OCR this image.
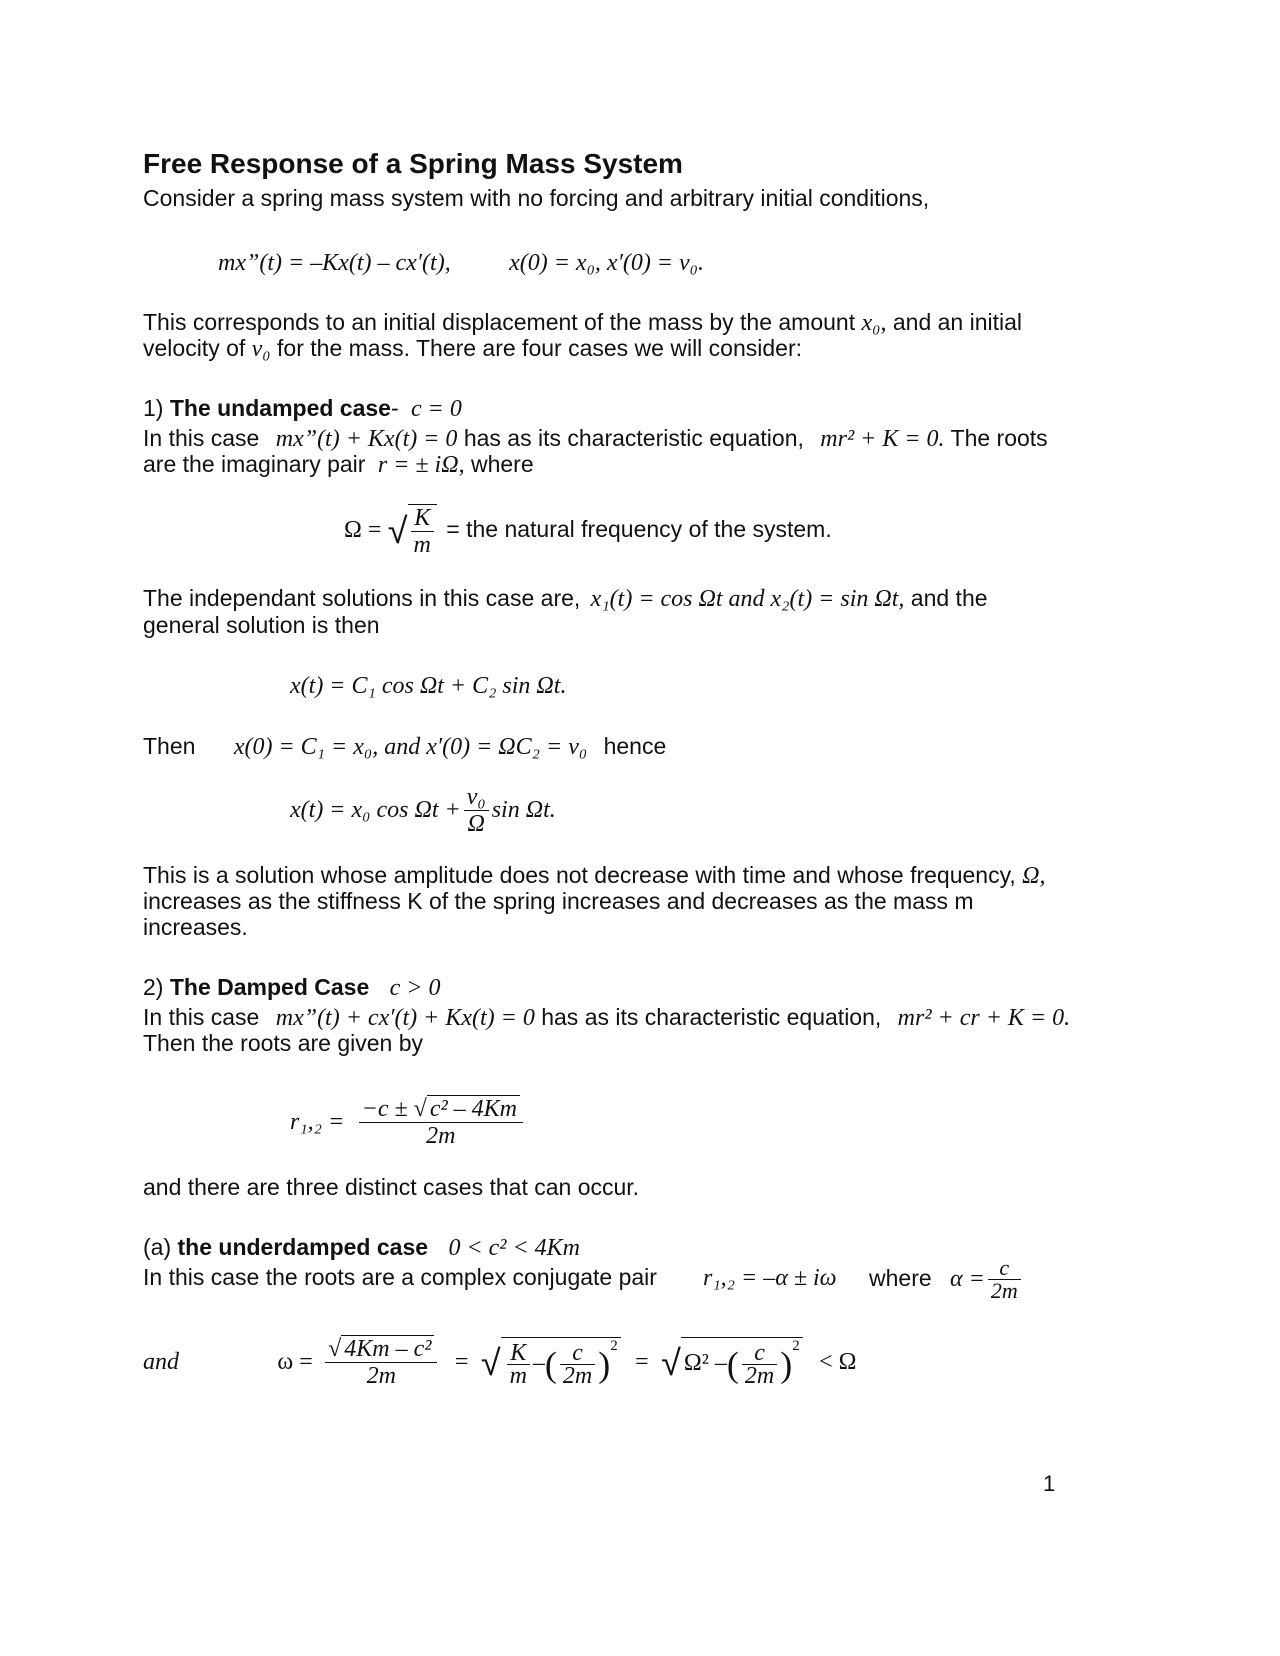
Free Response of a Spring Mass System
Consider a spring mass system with no forcing and arbitrary initial conditions,
mx”(t) = –Kx(t) – cx′(t), x(0) = x₀, x′(0) = v₀.
This corresponds to an initial displacement of the mass by the amount x₀, and an initial
velocity of v₀ for the mass. There are four cases we will consider:
1) The undamped case- c = 0
In this case mx”(t) + Kx(t) = 0 has as its characteristic equation, mr² + K = 0. The roots
are the imaginary pair r = ± iΩ, where
Ω = √ $\frac{K}{m}$ = the natural frequency of the system.
The independant solutions in this case are, x₁(t) = cos Ωt and x₂(t) = sin Ωt, and the
general solution is then
x(t) = C₁ cos Ωt + C₂ sin Ωt.
Then x(0) = C₁ = x₀, and x′(0) = ΩC₂ = v₀ hence
x(t) = x₀ $\cos \Omega t + \frac{\text{v₀}}{\Omega}$ sin Ωt.
This is a solution whose amplitude does not decrease with time and whose frequency, Ω,
increases as the stiffness K of the spring increases and decreases as the mass m
increases.
2) The Damped Case c > 0
In this case mx”(t) + cx′(t) + Kx(t) = 0 has as its characteristic equation, mr² + cr + K = 0.
Then the roots are given by
$r_1,_2 = \frac{\text{−c ± √ c² – 4Km}}{2m}$
and there are three distinct cases that can occur.
(a) the underdamped case 0 < c² < 4Km
In this case the roots are a complex conjugate pair r₁,₂ = –α ± iω where $\alpha = \frac{c}{2m}$
and	$\omega = \frac{\text{√ 4Km – c²}}{2m}$ = √ $\frac{K}{m}$ –( $\frac{c}{2m} )^2$ = √ Ω² –( $\frac{c}{2m} )^2 < \Omega$
1
